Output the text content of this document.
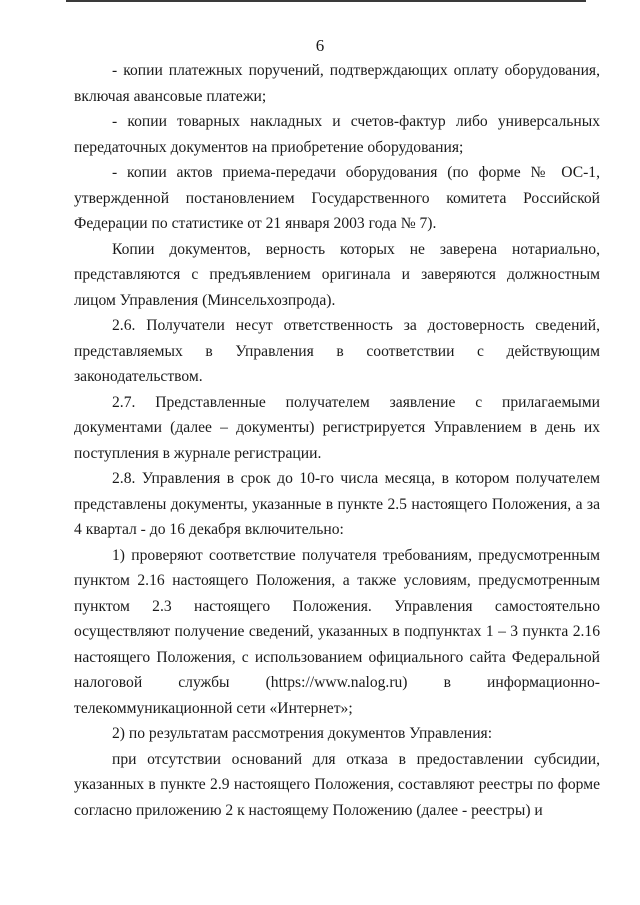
6

- копии платежных поручений, подтверждающих оплату оборудования, включая авансовые платежи;

- копии товарных накладных и счетов-фактур либо универсальных передаточных документов на приобретение оборудования;

- копии актов приема-передачи оборудования (по форме № ОС-1, утвержденной постановлением Государственного комитета Российской Федерации по статистике от 21 января 2003 года № 7).

Копии документов, верность которых не заверена нотариально, представляются с предъявлением оригинала и заверяются должностным лицом Управления (Минсельхозпрода).

2.6. Получатели несут ответственность за достоверность сведений, представляемых в Управления в соответствии с действующим законодательством.

2.7. Представленные получателем заявление с прилагаемыми документами (далее – документы) регистрируется Управлением в день их поступления в журнале регистрации.

2.8. Управления в срок до 10-го числа месяца, в котором получателем представлены документы, указанные в пункте 2.5 настоящего Положения, а за 4 квартал - до 16 декабря включительно:

1) проверяют соответствие получателя требованиям, предусмотренным пунктом 2.16 настоящего Положения, а также условиям, предусмотренным пунктом 2.3 настоящего Положения. Управления самостоятельно осуществляют получение сведений, указанных в подпунктах 1 – 3 пункта 2.16 настоящего Положения, с использованием официального сайта Федеральной налоговой службы (https://www.nalog.ru) в информационно-телекоммуникационной сети «Интернет»;

2) по результатам рассмотрения документов Управления:

при отсутствии оснований для отказа в предоставлении субсидии, указанных в пункте 2.9 настоящего Положения, составляют реестры по форме согласно приложению 2 к настоящему Положению (далее - реестры) и
